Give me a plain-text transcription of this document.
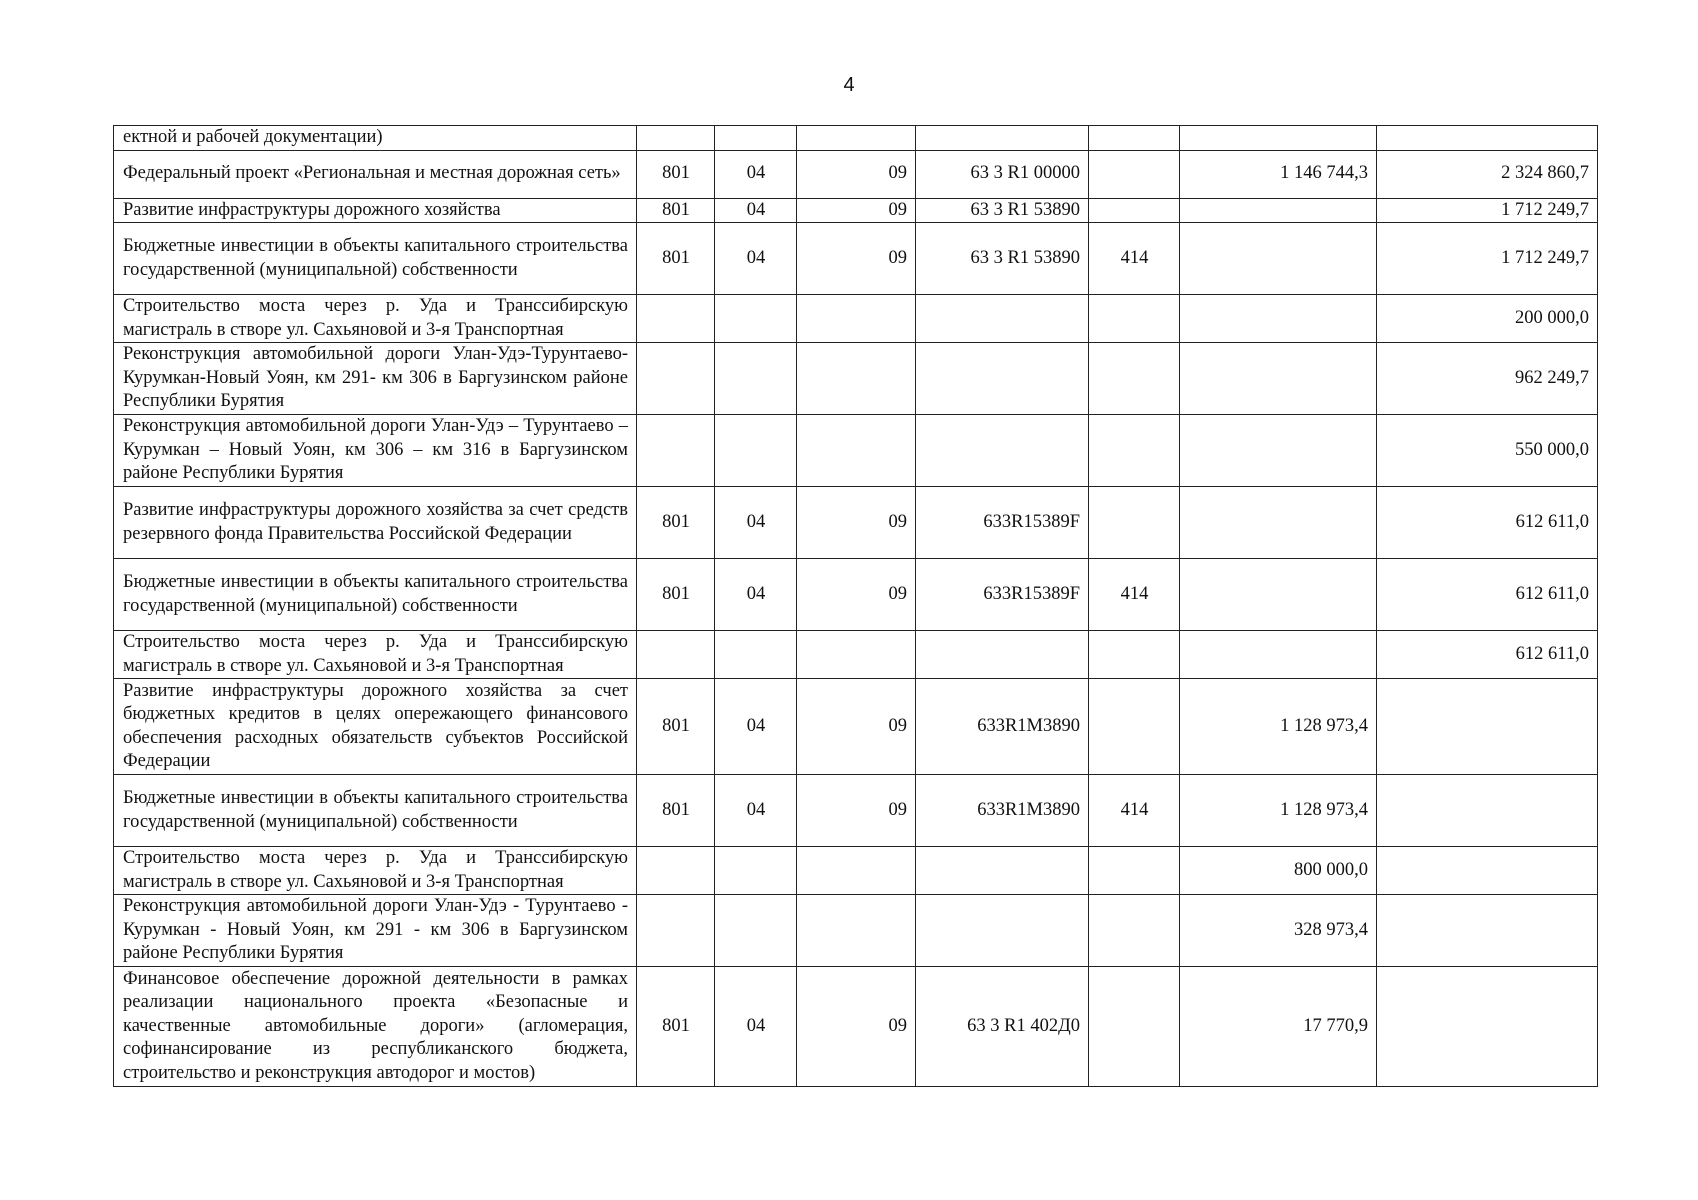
4
ектной и рабочей документации)							
Федеральный проект «Региональная и местная дорожная сеть»	801	04	09	63 3 R1 00000		1 146 744,3	2 324 860,7
Развитие инфраструктуры дорожного хозяйства	801	04	09	63 3 R1 53890			1 712 249,7
Бюджетные инвестиции в объекты капитального строительства государственной (муниципальной) собственности	801	04	09	63 3 R1 53890	414		1 712 249,7
Строительство моста через р. Уда и Транссибирскую магистраль в створе ул. Сахьяновой и 3-я Транспортная							200 000,0
Реконструкция автомобильной дороги Улан-Удэ-Турунтаево-Курумкан-Новый Уоян, км 291- км 306 в Баргузинском районе Республики Бурятия							962 249,7
Реконструкция автомобильной дороги Улан-Удэ – Турунтаево – Курумкан – Новый Уоян, км 306 – км 316 в Баргузинском районе Республики Бурятия							550 000,0
Развитие инфраструктуры дорожного хозяйства за счет средств резервного фонда Правительства Российской Федерации	801	04	09	633R15389F			612 611,0
Бюджетные инвестиции в объекты капитального строительства государственной (муниципальной) собственности	801	04	09	633R15389F	414		612 611,0
Строительство моста через р. Уда и Транссибирскую магистраль в створе ул. Сахьяновой и 3-я Транспортная							612 611,0
Развитие инфраструктуры дорожного хозяйства за счет бюджетных кредитов в целях опережающего финансового обеспечения расходных обязательств субъектов Российской Федерации	801	04	09	633R1M3890		1 128 973,4	
Бюджетные инвестиции в объекты капитального строительства государственной (муниципальной) собственности	801	04	09	633R1M3890	414	1 128 973,4	
Строительство моста через р. Уда и Транссибирскую магистраль в створе ул. Сахьяновой и 3-я Транспортная						800 000,0	
Реконструкция автомобильной дороги Улан-Удэ - Турунтаево - Курумкан - Новый Уоян, км 291 - км 306 в Баргузинском районе Республики Бурятия						328 973,4	
Финансовое обеспечение дорожной деятельности в рамках реализации национального проекта «Безопасные и качественные автомобильные дороги» (агломерация, софинансирование из республиканского бюджета, строительство и реконструкция автодорог и мостов)	801	04	09	63 3 R1 402Д0		17 770,9	
